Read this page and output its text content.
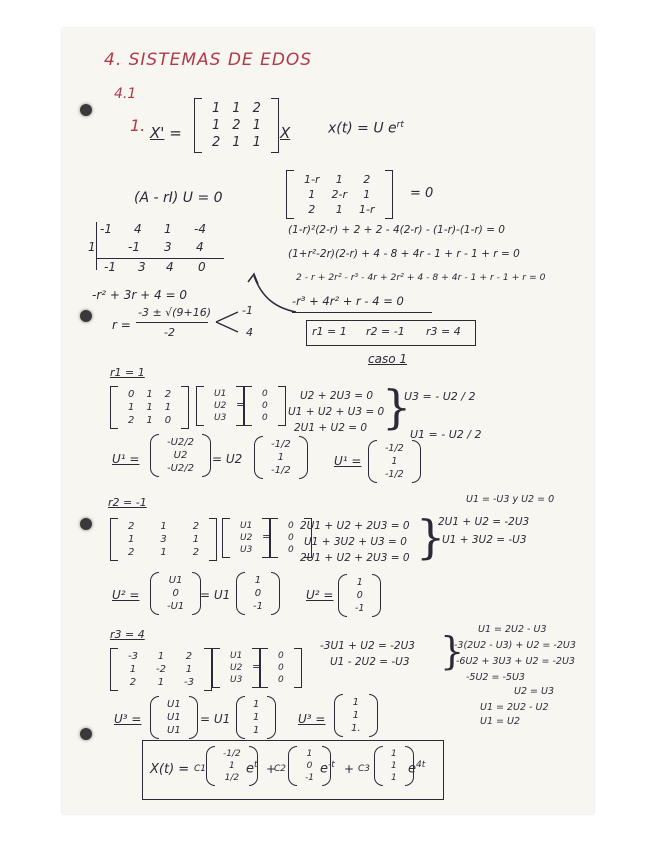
4. SISTEMAS DE EDOS
4.1
1. X' =
1 1 2
1 2 1
2 1 1
X	x(t) = U $e^{rt}$
(A - rI) U = 0
1-r	1	2
1	2-r	1
2	1	1-r
= 0
-1 4 1 -4
1	-1 3 4
-1 3 4 0
(1-r)²(2-r) + 2 + 2 - 4(2-r) - (1-r)-(1-r) = 0
(1+r²-2r)(2-r) + 4 - 8 + 4r - 1 + r - 1 + r = 0
2 - r + 2r² - r³ - 4r + 2r² + 4 - 8 + 4r - 1 + r - 1 + r = 0
-r³ + 4r² + r - 4 = 0
-r² + 3r + 4 = 0
r =
-3 ± √(9+16)
-2
-1
4	r1 = 1 r2 = -1 r3 = 4
caso 1
r1 = 1
0	1	2
1	1	1
2	1	0
U1
U2
U3
=
0
0
0
U2 + 2U3 = 0
U1 + U2 + U3 = 0
2U1 + U2 = 0 }
U3 = - U2 / 2
U1 = - U2 / 2
U¹ =
-U2/2
U2
-U2/2
= U2
-1/2
1
-1/2
U¹ =
-1/2
1
-1/2
U1 = -U3 y U2 = 0
r2 = -1
2	1	2
1	3	1
2	1	2
U1
U2
U3
=
0
0
0
2U1 + U2 + 2U3 = 0
U1 + 3U2 + U3 = 0
2U1 + U2 + 2U3 = 0 }
2U1 + U2 = -2U3
U1 + 3U2 = -U3
U² =
U1
0
-U1
= U1
1
0
-1
U² =
1
0
-1
r3 = 4
-3	1	2
1	-2	1
2	1	-3
U1
U2
U3
=
0
0
0
-3U1 + U2 = -2U3
U1 - 2U2 = -U3 } U1 = 2U2 - U3
-3(2U2 - U3) + U2 = -2U3
-6U2 + 3U3 + U2 = -2U3
-5U2 = -5U3
U2 = U3
U1 = 2U2 - U2
U1 = U2
U³ =
U1
U1
U1
= U1
1
1
1
U³ =
1
1
1.
X(t) = C1
-1/2
1
1/2
$e^t$ +
C2
1
0
-1
$e^{-t} + C3$
1
1
1
$e^{4t}$
